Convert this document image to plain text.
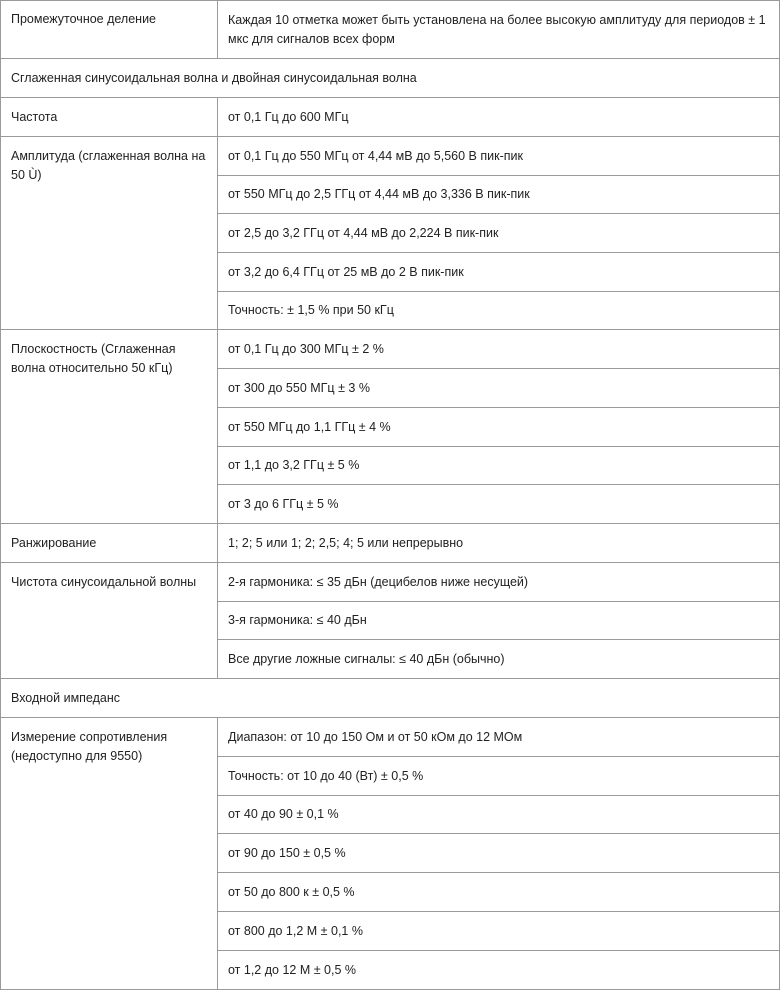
Промежуточное деление	Каждая 10 отметка может быть установлена на более высокую амплитуду для периодов ± 1 мкс для сигналов всех форм
Сглаженная синусоидальная волна и двойная синусоидальная волна	
Частота	от 0,1 Гц до 600 МГц
Амплитуда (сглаженная волна на 50 Ù)	от 0,1 Гц до 550 МГц от 4,44 мВ до 5,560 В пик-пик
	от 550 МГц до 2,5 ГГц от 4,44 мВ до 3,336 В пик-пик
	от 2,5 до 3,2 ГГц от 4,44 мВ до 2,224 В пик-пик
	от 3,2 до 6,4 ГГц от 25 мВ до 2 В пик-пик
	Точность: ± 1,5 % при 50 кГц
Плоскостность (Сглаженная волна относительно 50 кГц)	от 0,1 Гц до 300 МГц ± 2 %
	от 300 до 550 МГц ± 3 %
	от 550 МГц до 1,1 ГГц ± 4 %
	от 1,1 до 3,2 ГГц ± 5 %
	от 3 до 6 ГГц ± 5 %
Ранжирование	1; 2; 5 или 1; 2; 2,5; 4; 5 или непрерывно
Чистота синусоидальной волны	2-я гармоника: ≤ 35 дБн (децибелов ниже несущей)
	3-я гармоника: ≤ 40 дБн
	Все другие ложные сигналы: ≤ 40 дБн (обычно)
Входной импеданс	
Измерение сопротивления (недоступно для 9550)	Диапазон: от 10 до 150 Ом и от 50 кОм до 12 МОм
	Точность: от 10 до 40 (Вт) ± 0,5 %
	от 40 до 90 ± 0,1 %
	от 90 до 150 ± 0,5 %
	от 50 до 800 к ± 0,5 %
	от 800 до 1,2 М ± 0,1 %
	от 1,2 до 12 М ± 0,5 %
